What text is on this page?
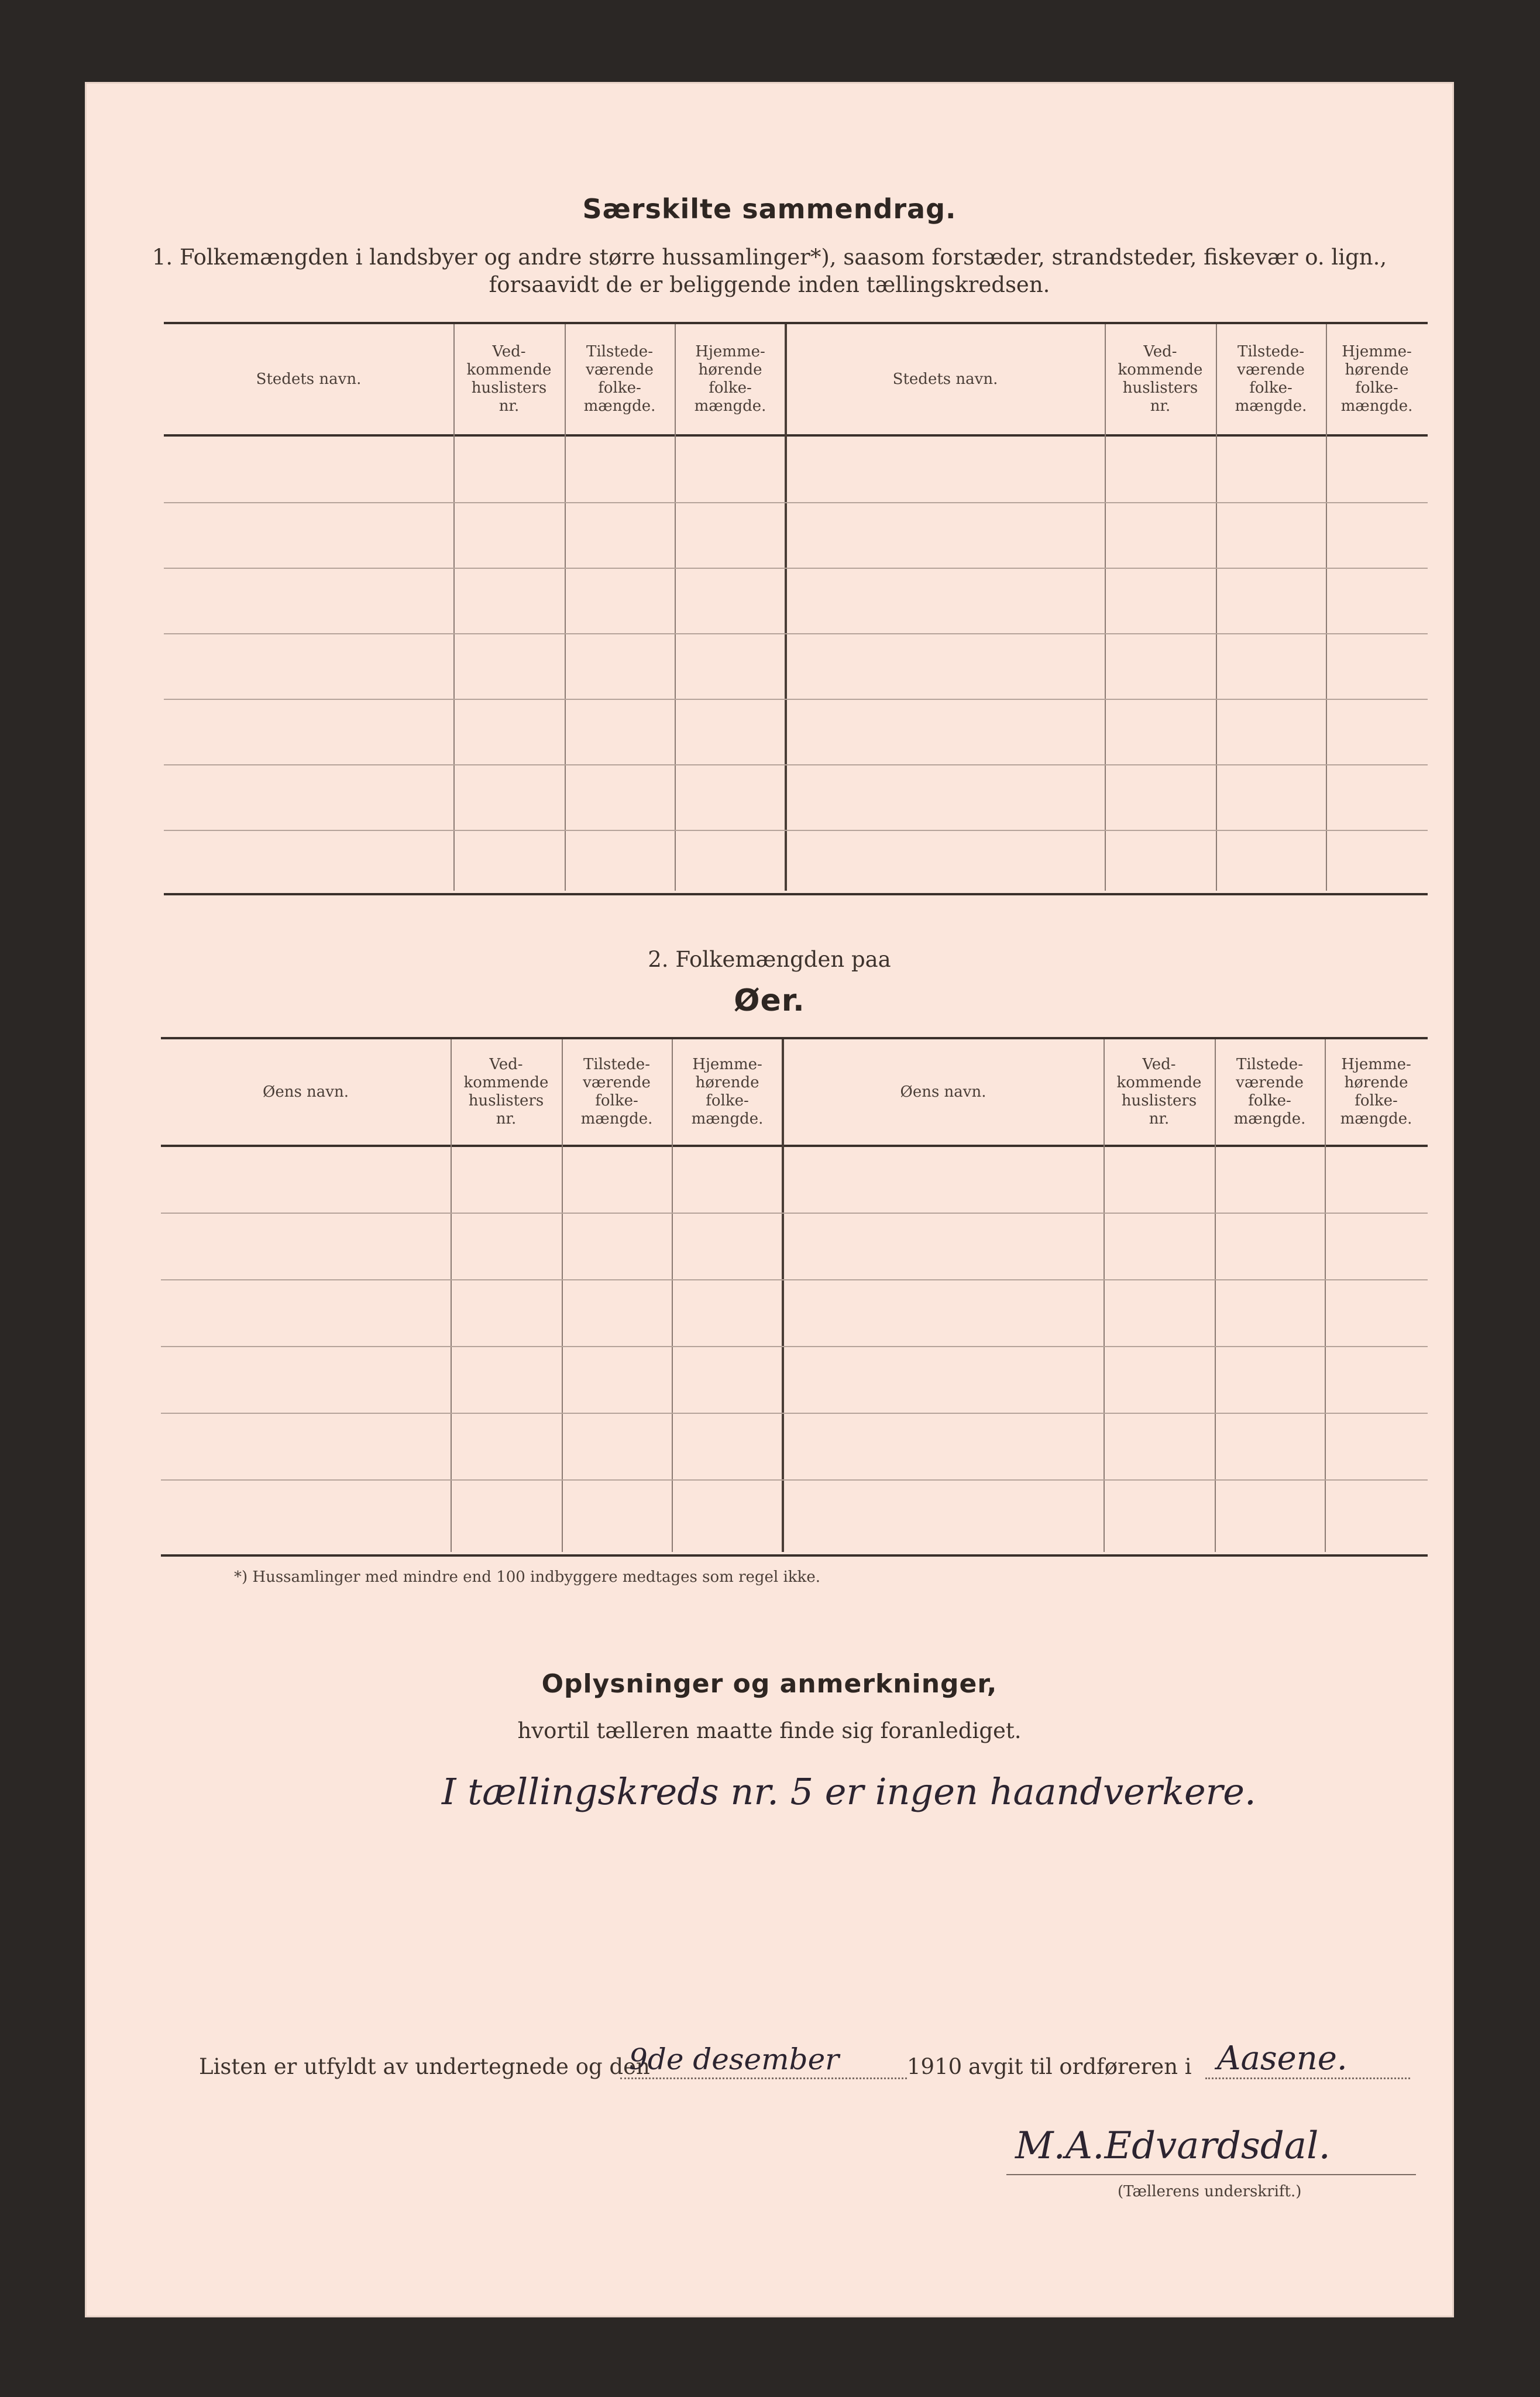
Særskilte sammendrag.
1. Folkemængden i landsbyer og andre større hussamlinger*), saasom forstæder, strandsteder, fiskevær o. lign.,
forsaavidt de er beliggende inden tællingskredsen.
Stedets navn.
Ved-
kommende
huslisters
nr.
Tilstede-
værende
folke-
mængde.
Hjemme-
hørende
folke-
mængde.
Stedets navn.
Ved-
kommende
huslisters
nr.
Tilstede-
værende
folke-
mængde.
Hjemme-
hørende
folke-
mængde.
2. Folkemængden paa
Øer.
Øens navn.
Ved-
kommende
huslisters
nr.
Tilstede-
værende
folke-
mængde.
Hjemme-
hørende
folke-
mængde.
Øens navn.
Ved-
kommende
huslisters
nr.
Tilstede-
værende
folke-
mængde.
Hjemme-
hørende
folke-
mængde.
*) Hussamlinger med mindre end 100 indbyggere medtages som regel ikke.
Oplysninger og anmerkninger,
hvortil tælleren maatte finde sig foranlediget.
I tællingskreds nr. 5 er ingen haandverkere.
Listen er utfyldt av undertegnede og den
9de desember	1910 avgit til ordføreren i Aasene.
M.A.Edvardsdal.
(Tællerens underskrift.)
